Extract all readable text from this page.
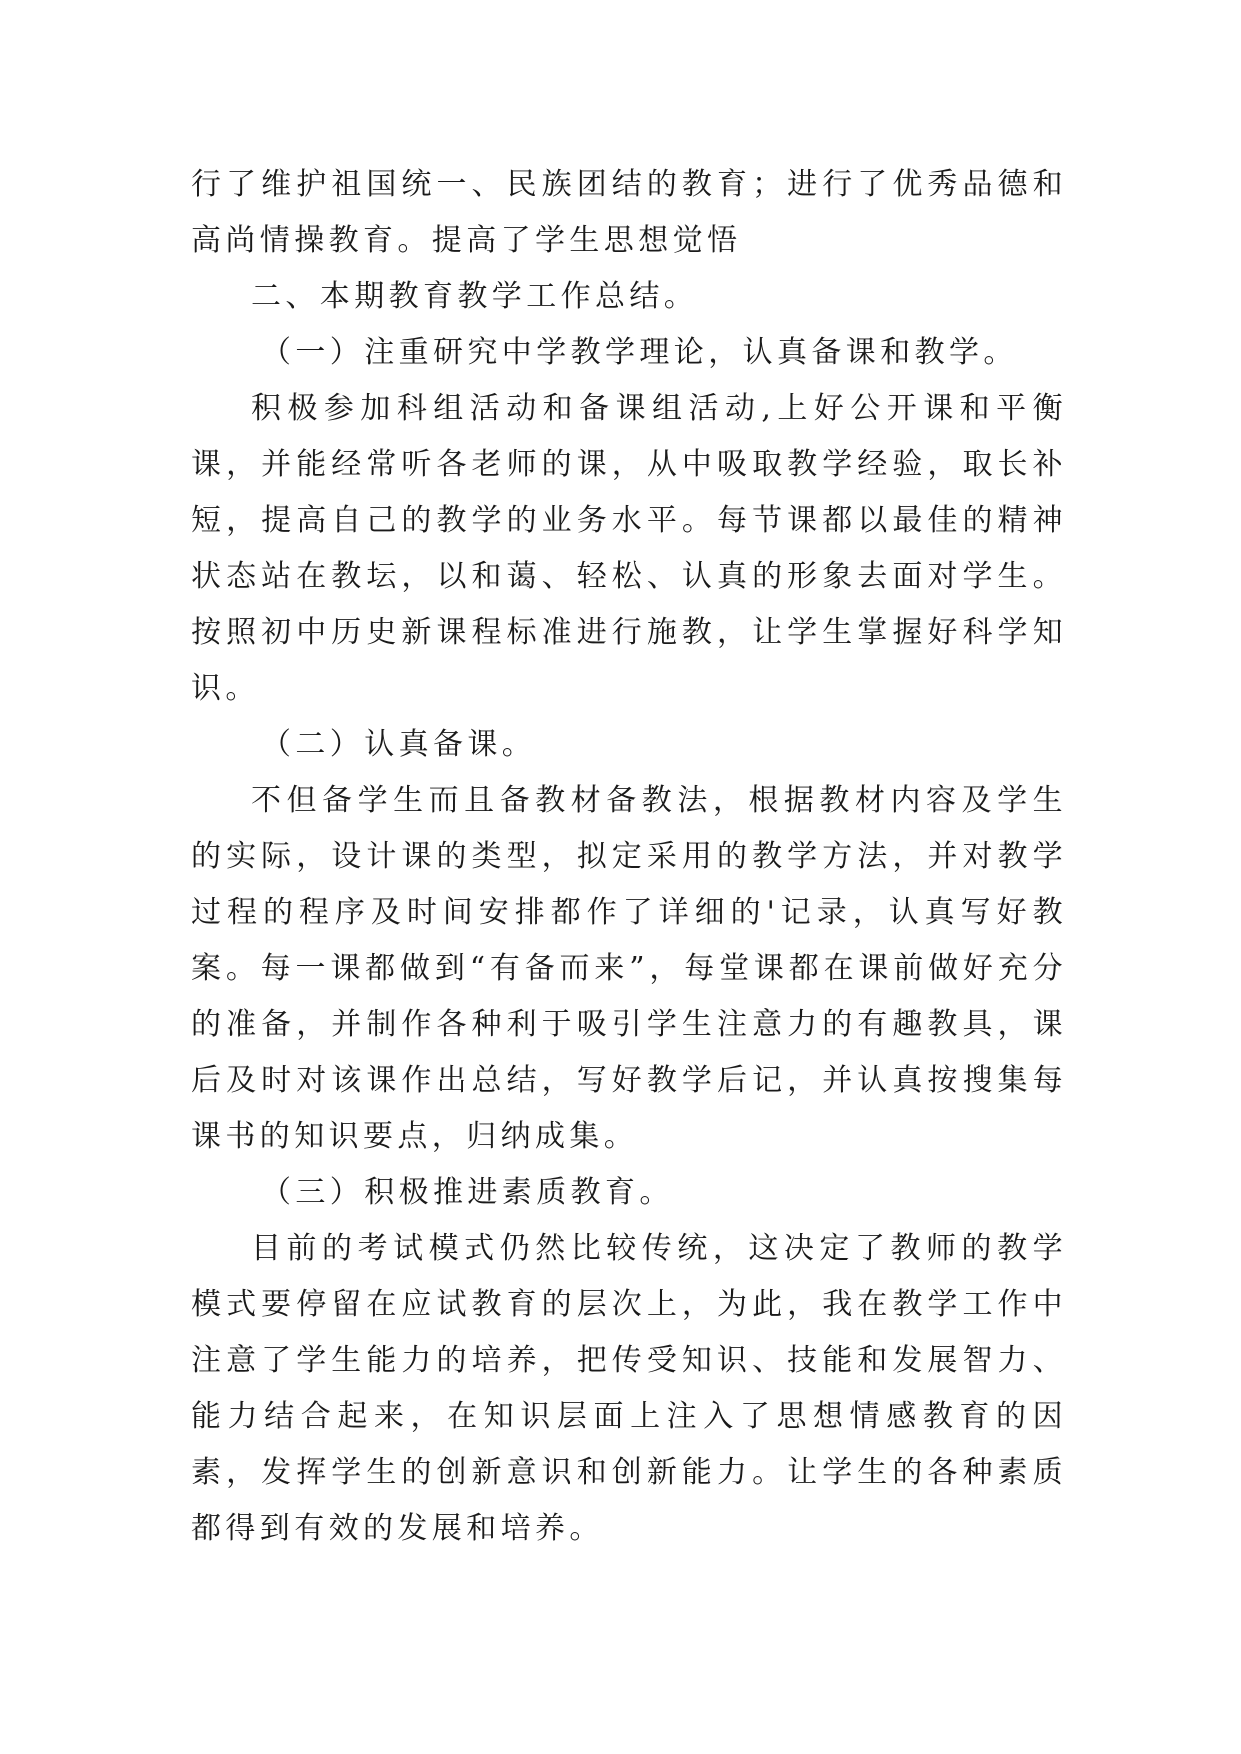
行了维护祖国统一、民族团结的教育；进行了优秀品德和高尚情操教育。提高了学生思想觉悟

二、本期教育教学工作总结。

（一）注重研究中学教学理论，认真备课和教学。

积极参加科组活动和备课组活动,上好公开课和平衡课，并能经常听各老师的课，从中吸取教学经验，取长补短，提高自己的教学的业务水平。每节课都以最佳的精神状态站在教坛，以和蔼、轻松、认真的形象去面对学生。按照初中历史新课程标准进行施教，让学生掌握好科学知识。

（二）认真备课。

不但备学生而且备教材备教法，根据教材内容及学生的实际，设计课的类型，拟定采用的教学方法，并对教学过程的程序及时间安排都作了详细的'记录，认真写好教案。每一课都做到“有备而来”，每堂课都在课前做好充分的准备，并制作各种利于吸引学生注意力的有趣教具，课后及时对该课作出总结，写好教学后记，并认真按搜集每课书的知识要点，归纳成集。

（三）积极推进素质教育。

目前的考试模式仍然比较传统，这决定了教师的教学模式要停留在应试教育的层次上，为此，我在教学工作中注意了学生能力的培养，把传受知识、技能和发展智力、能力结合起来，在知识层面上注入了思想情感教育的因素，发挥学生的创新意识和创新能力。让学生的各种素质都得到有效的发展和培养。
